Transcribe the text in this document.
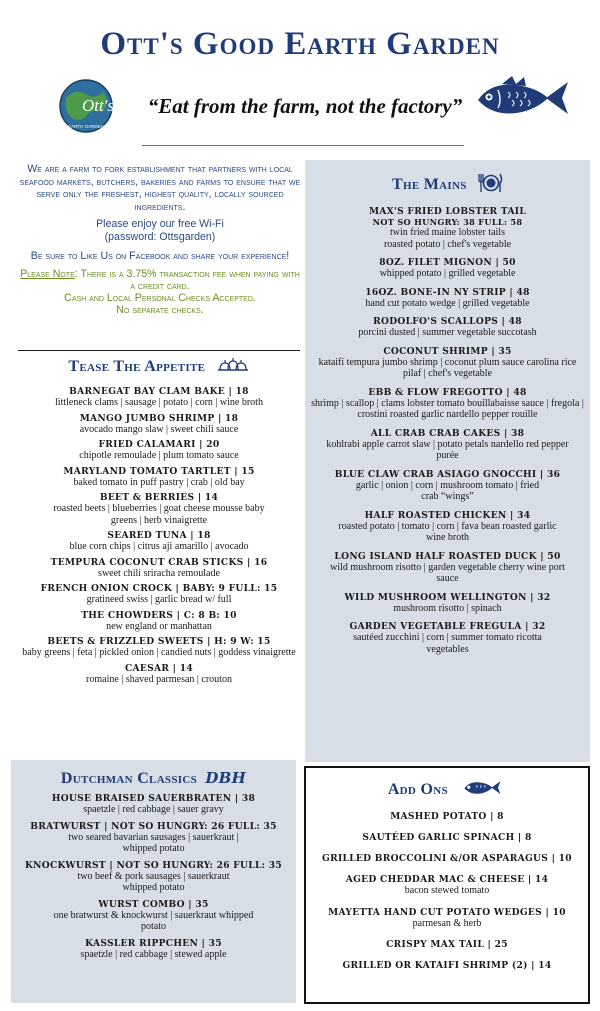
Ott's Good Earth Garden
Ott's
EARTH GARDEN
“Eat from the farm, not the factory”

We are a farm to fork establishment that partners with local seafood markets, butchers, bakeries and farms to ensure that we serve only the freshest, highest quality, locally sourced ingredients.

Please enjoy our free Wi-Fi
(password: Ottsgarden)

Be sure to Like Us on Facebook and share your experience!

Please Note: There is a 3.75% transaction fee when paying with a credit card.
Cash and Local Personal Checks Accepted.
No separate checks.
Tease The Appetite
BARNEGAT BAY CLAM BAKE | 18
littleneck clams | sausage | potato | corn | wine broth
MANGO JUMBO SHRIMP | 18
avocado mango slaw | sweet chili sauce
FRIED CALAMARI | 20
chipotle remoulade | plum tomato sauce
MARYLAND TOMATO TARTLET | 15
baked tomato in puff pastry | crab | old bay
BEET & BERRIES | 14
roasted beets | blueberries | goat cheese mousse baby greens | herb vinaigrette
SEARED TUNA | 18
blue corn chips | citrus aji amarillo | avocado
TEMPURA COCONUT CRAB STICKS | 16
sweet chili sriracha remoulade
FRENCH ONION CROCK | BABY: 9 FULL: 15
gratineed swiss | garlic bread w/ full
THE CHOWDERS | C: 8 B: 10
new england or manhattan
BEETS & FRIZZLED SWEETS | H: 9 W: 15
baby greens | feta | pickled onion | candied nuts | goddess vinaigrette
CAESAR | 14
romaine | shaved parmesan | crouton
The Mains
MAX'S FRIED LOBSTER TAIL
NOT SO HUNGRY: 38 FULL: 58
twin fried maine lobster tails roasted potato | chef's vegetable
8OZ. FILET MIGNON | 50
whipped potato | grilled vegetable
16OZ. BONE-IN NY STRIP | 48
hand cut potato wedge | grilled vegetable
RODOLFO'S SCALLOPS | 48
porcini dusted | summer vegetable succotash
COCONUT SHRIMP | 35
kataifi tempura jumbo shrimp | coconut plum sauce carolina rice pilaf | chef's vegetable
EBB & FLOW FREGOTTO | 48
shrimp | scallop | clams lobster tomato bouillabaisse sauce | fregola | crostini roasted garlic nardello pepper rouille
ALL CRAB CRAB CAKES | 38
kohlrabi apple carrot slaw | potato petals nardello red pepper purée
BLUE CLAW CRAB ASIAGO GNOCCHI | 36
garlic | onion | corn | mushroom tomato | fried crab “wings”
HALF ROASTED CHICKEN | 34
roasted potato | tomato | corn | fava bean roasted garlic wine broth
LONG ISLAND HALF ROASTED DUCK | 50
wild mushroom risotto | garden vegetable cherry wine port sauce
WILD MUSHROOM WELLINGTON | 32
mushroom risotto | spinach
GARDEN VEGETABLE FREGULA | 32
sautéed zucchini | corn | summer tomato ricotta vegetables
Dutchman Classics DBH
HOUSE BRAISED SAUERBRATEN | 38
spaetzle | red cabbage | sauer gravy
BRATWURST | NOT SO HUNGRY: 26 FULL: 35
two seared bavarian sausages | sauerkraut | whipped potato
KNOCKWURST | NOT SO HUNGRY: 26 FULL: 35
two beef & pork sausages | sauerkraut whipped potato
WURST COMBO | 35
one bratwurst & knockwurst | sauerkraut whipped potato
KASSLER RIPPCHEN | 35
spaetzle | red cabbage | stewed apple
Add Ons
MASHED POTATO | 8
SAUTÉED GARLIC SPINACH | 8
GRILLED BROCCOLINI &/OR ASPARAGUS | 10
AGED CHEDDAR MAC & CHEESE | 14
bacon stewed tomato
MAYETTA HAND CUT POTATO WEDGES | 10
parmesan & herb
CRISPY MAX TAIL | 25
GRILLED OR KATAIFI SHRIMP (2) | 14
